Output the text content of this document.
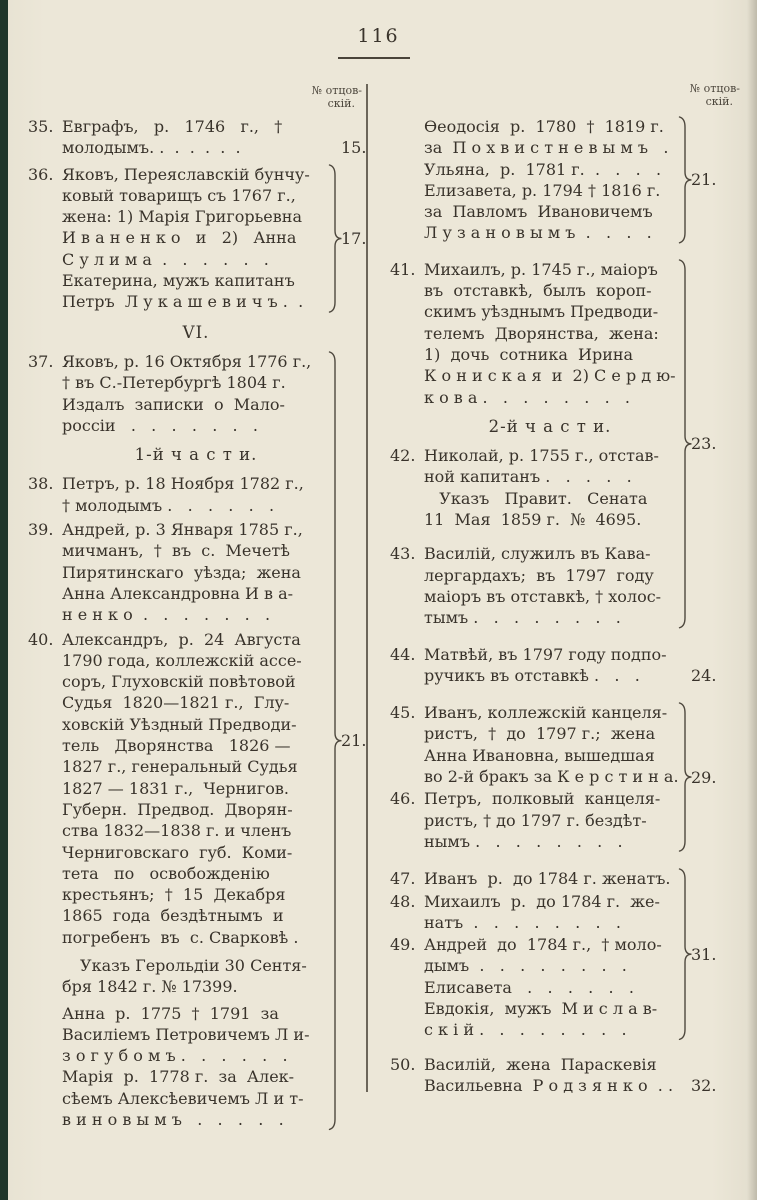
116
№ отцов-
скій.
№ отцов-
скій.
35. Евграфъ,   р.   1746   г.,   †
молодымъ. .  .  .  .  .  .
36. Яковъ, Переяславскій бунчу-
ковый товарищъ съ 1767 г.,
жена: 1) Марія Григорьевна
И в а н е н к о   и   2)   Анна
С у л и м а  .   .   .   .   .   .
Екатерина, мужъ капитанъ
Петръ  Л у к а ш е в и ч ъ .  .
VI.
37. Яковъ, р. 16 Октября 1776 г.,
† въ С.-Петербургѣ 1804 г.
Издалъ  записки  о  Мало-
россіи   .   .   .   .   .   .   .
1-й ч а с т и.
38. Петръ, р. 18 Ноября 1782 г.,
† молодымъ .   .   .   .   .   .
39. Андрей, р. 3 Января 1785 г.,
мичманъ,  †  въ  с.  Мечетѣ
Пирятинскаго  уѣзда;  жена
Анна Александровна И в а-
н е н к о  .   .   .   .   .   .   .
40. Александръ,  р.  24  Августа
1790 года, коллежскій ассе-
соръ, Глуховскій повѣтовой
Судья  1820—1821 г.,  Глу-
ховскій Уѣздный Предводи-
тель   Дворянства   1826 —
1827 г., генеральный Судья
1827 — 1831 г.,  Чернигов.
Губерн.  Предвод.  Дворян-
ства 1832—1838 г. и членъ
Черниговскаго  губ.  Коми-
тета   по   освобожденію
крестьянъ;  †  15  Декабря
1865  года  бездѣтнымъ  и
погребенъ  въ  с. Сварковѣ .
Указъ Герольдіи 30 Сентя-
бря 1842 г. № 17399.
Анна  р.  1775  †  1791  за
Василіемъ Петровичемъ Л и-
з о г у б о м ъ .   .   .   .   .   .
Марія  р.  1778 г.  за  Алек-
сѣемъ Алексѣевичемъ Л и т-
в и н о в ы м ъ   .   .   .   .   .
15.
17.
21.
Ѳеодосія  р.  1780  †  1819 г.
за  П о х в и с т н е в ы м ъ   .
Ульяна,  р.  1781 г.  .   .   .   .
Елизавета, р. 1794 † 1816 г.
за  Павломъ  Ивановичемъ
Л у з а н о в ы м ъ  .   .   .   .
41. Михаилъ, р. 1745 г., маіоръ
въ  отставкѣ,  былъ  короп-
скимъ уѣзднымъ Предводи-
телемъ  Дворянства,  жена:
1)  дочь  сотника  Ирина
К о н и с к а я  и  2) С е р д ю-
к о в а .   .   .   .   .   .   .   .
2-й ч а с т и.
42. Николай, р. 1755 г., отстав-
ной капитанъ .   .   .   .   .
Указъ   Правит.   Сената
11  Мая  1859 г.  №  4695.
43. Василій, служилъ въ Кава-
лергардахъ;  въ  1797  году
маіоръ въ отставкѣ, † холос-
тымъ .   .   .   .   .   .   .   .
44. Матвѣй, въ 1797 году подпо-
ручикъ въ отставкѣ .   .   .
45. Иванъ, коллежскій канцеля-
ристъ,  †  до  1797 г.;  жена
Анна Ивановна, вышедшая
во 2-й бракъ за К е р с т и н а.
46. Петръ,  полковый  канцеля-
ристъ, † до 1797 г. бездѣт-
нымъ .   .   .   .   .   .   .   .
47. Иванъ  р.  до 1784 г. женатъ.
48. Михаилъ  р.  до 1784 г.  же-
натъ  .   .   .   .   .   .   .   .
49. Андрей  до  1784 г.,  † моло-
дымъ  .   .   .   .   .   .   .   .
Елисавета   .   .   .   .   .   .
Евдокія,  мужъ  М и с л а в-
с к і й .   .   .   .   .   .   .   .
50. Василій,  жена  Параскевія
Васильевна  Р о д з я н к о  . .
21.
23.
24.
29.
31.
32.
